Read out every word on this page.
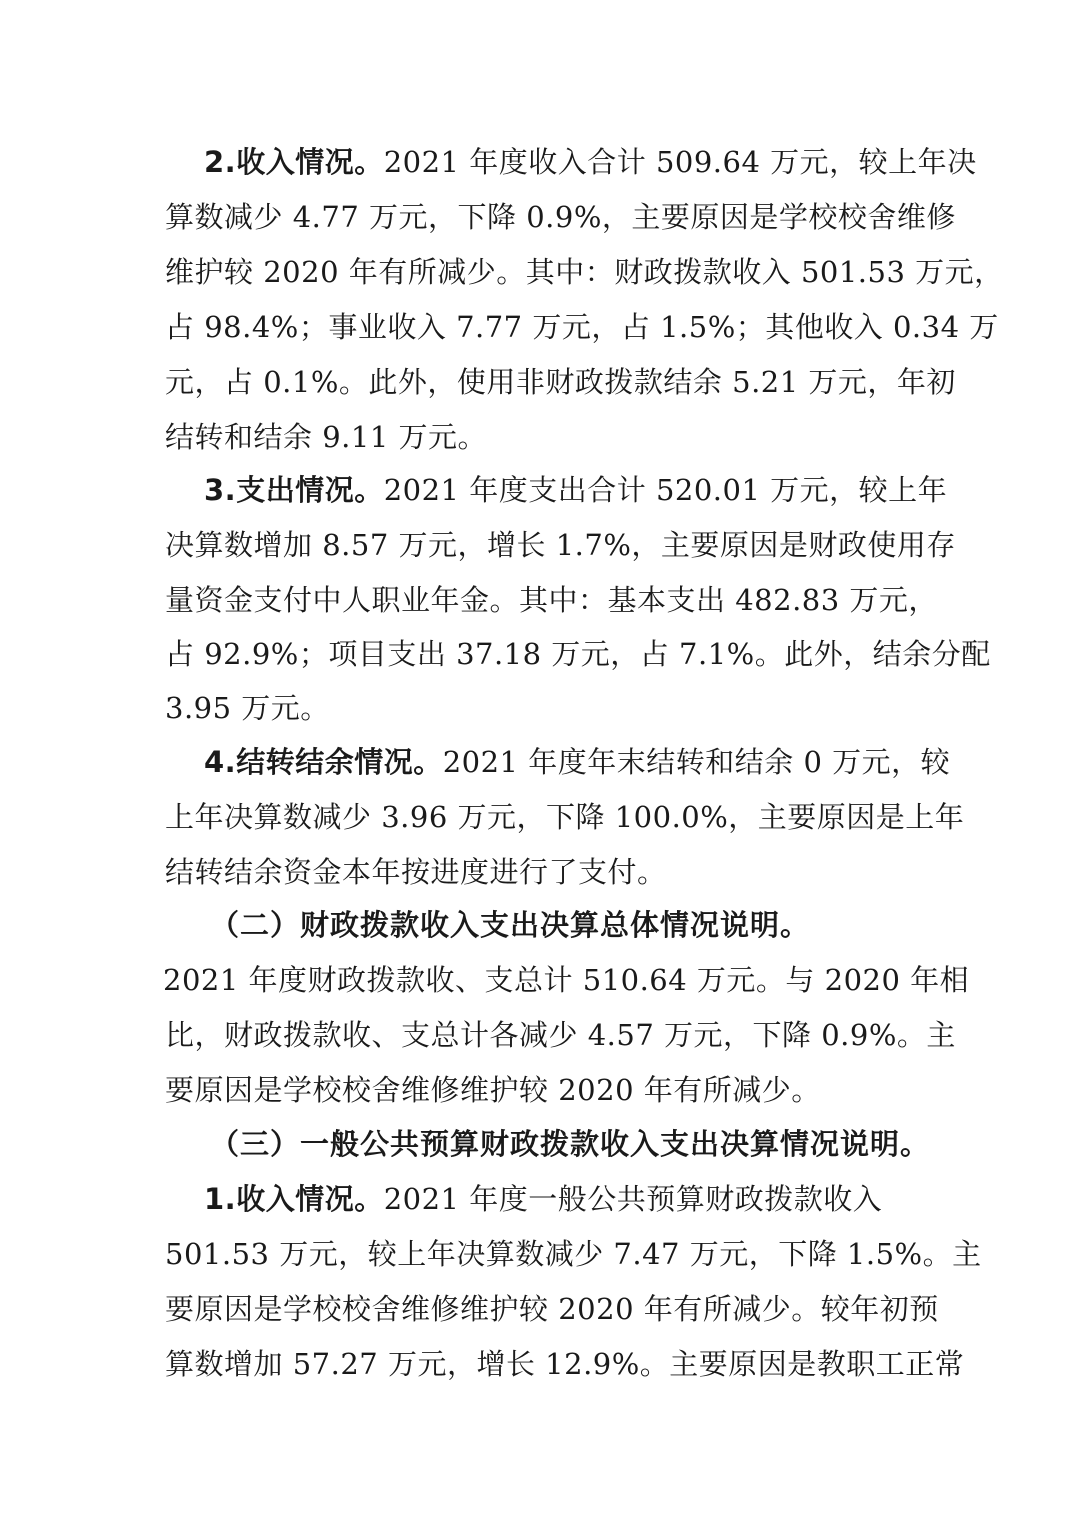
2.收入情况。2021 年度收入合计 509.64 万元，较上年决
算数减少 4.77 万元，下降 0.9%，主要原因是学校校舍维修
维护较 2020 年有所减少。其中：财政拨款收入 501.53 万元，
占 98.4%；事业收入 7.77 万元，占 1.5%；其他收入 0.34 万
元，占 0.1%。此外，使用非财政拨款结余 5.21 万元，年初
结转和结余 9.11 万元。
3.支出情况。2021 年度支出合计 520.01 万元，较上年
决算数增加 8.57 万元，增长 1.7%，主要原因是财政使用存
量资金支付中人职业年金。其中：基本支出 482.83 万元，
占 92.9%；项目支出 37.18 万元，占 7.1%。此外，结余分配
3.95 万元。
4.结转结余情况。2021 年度年末结转和结余 0 万元，较
上年决算数减少 3.96 万元，下降 100.0%，主要原因是上年
结转结余资金本年按进度进行了支付。
（二）财政拨款收入支出决算总体情况说明。
2021 年度财政拨款收、支总计 510.64 万元。与 2020 年相
比，财政拨款收、支总计各减少 4.57 万元，下降 0.9%。主
要原因是学校校舍维修维护较 2020 年有所减少。
（三）一般公共预算财政拨款收入支出决算情况说明。
1.收入情况。2021 年度一般公共预算财政拨款收入
501.53 万元，较上年决算数减少 7.47 万元，下降 1.5%。主
要原因是学校校舍维修维护较 2020 年有所减少。较年初预
算数增加 57.27 万元，增长 12.9%。主要原因是教职工正常
